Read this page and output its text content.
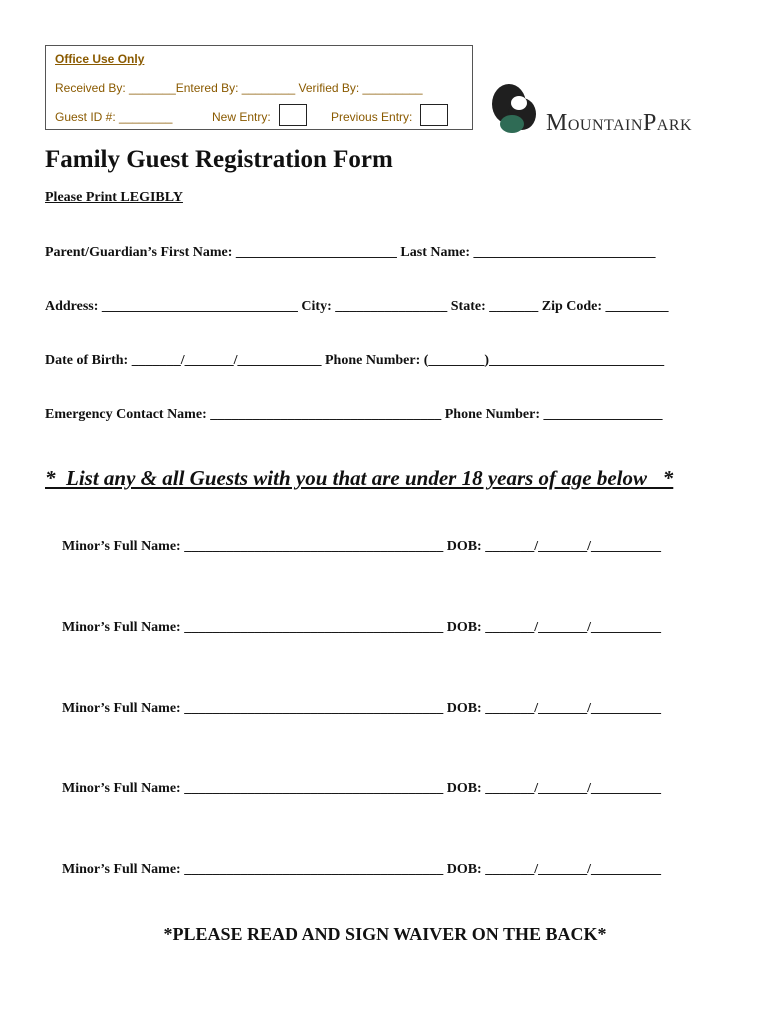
Office Use Only
Received By: _______Entered By: ________ Verified By: _________
Guest ID #: ________	New Entry:	Previous Entry:	MOUNTAINPARK
Family Guest Registration Form
Please Print LEGIBLY
Parent/Guardian’s First Name: _______________________ Last Name: __________________________
Address: ____________________________ City: ________________ State: _______ Zip Code: _________
Date of Birth: _______/_______/____________ Phone Number: (________)_________________________
Emergency Contact Name: _________________________________ Phone Number: _________________
*  List any & all Guests with you that are under 18 years of age below   *
Minor’s Full Name: _____________________________________ DOB: _______/_______/__________
Minor’s Full Name: _____________________________________ DOB: _______/_______/__________
Minor’s Full Name: _____________________________________ DOB: _______/_______/__________
Minor’s Full Name: _____________________________________ DOB: _______/_______/__________
Minor’s Full Name: _____________________________________ DOB: _______/_______/__________
*PLEASE READ AND SIGN WAIVER ON THE BACK*
